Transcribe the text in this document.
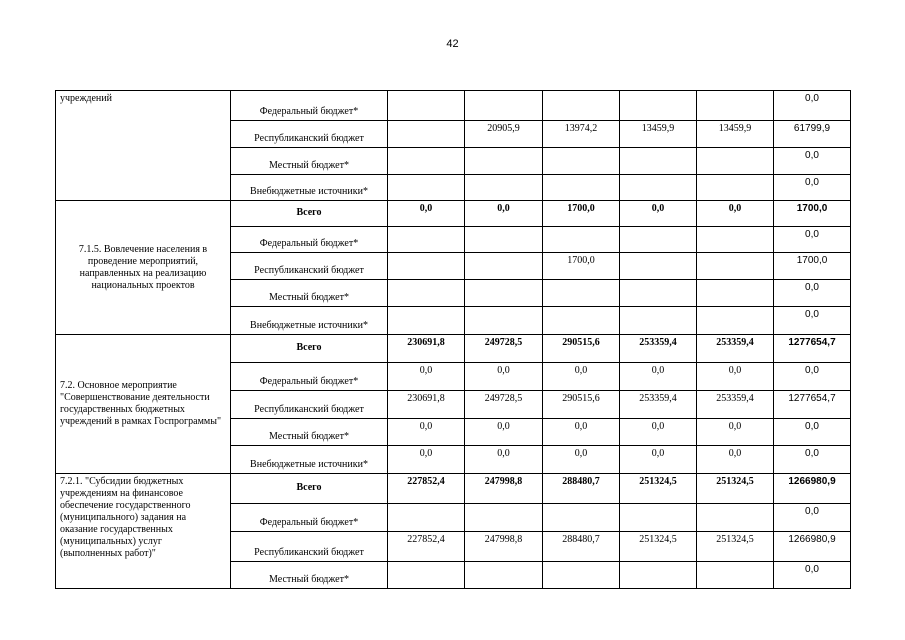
42
учреждений	Федеральный бюджет*						0,0
	Республиканский бюджет		20905,9	13974,2	13459,9	13459,9	61799,9
	Местный бюджет*						0,0
	Внебюджетные источники*						0,0
7.1.5. Вовлечение населения в проведение мероприятий, направленных на реализацию национальных проектов	Всего	0,0	0,0	1700,0	0,0	0,0	1700,0
	Федеральный бюджет*						0,0
	Республиканский бюджет			1700,0			1700,0
	Местный бюджет*						0,0
	Внебюджетные источники*						0,0
7.2. Основное мероприятие "Совершенствование деятельности государственных бюджетных учреждений в рамках Госпрограммы"	Всего	230691,8	249728,5	290515,6	253359,4	253359,4	1277654,7
	Федеральный бюджет*	0,0	0,0	0,0	0,0	0,0	0,0
	Республиканский бюджет	230691,8	249728,5	290515,6	253359,4	253359,4	1277654,7
	Местный бюджет*	0,0	0,0	0,0	0,0	0,0	0,0
	Внебюджетные источники*	0,0	0,0	0,0	0,0	0,0	0,0
7.2.1. "Субсидии бюджетных учреждениям на финансовое обеспечение государственного (муниципального) задания на оказание государственных (муниципальных) услуг (выполненных работ)"	Всего	227852,4	247998,8	288480,7	251324,5	251324,5	1266980,9
	Федеральный бюджет*						0,0
	Республиканский бюджет	227852,4	247998,8	288480,7	251324,5	251324,5	1266980,9
	Местный бюджет*						0,0
